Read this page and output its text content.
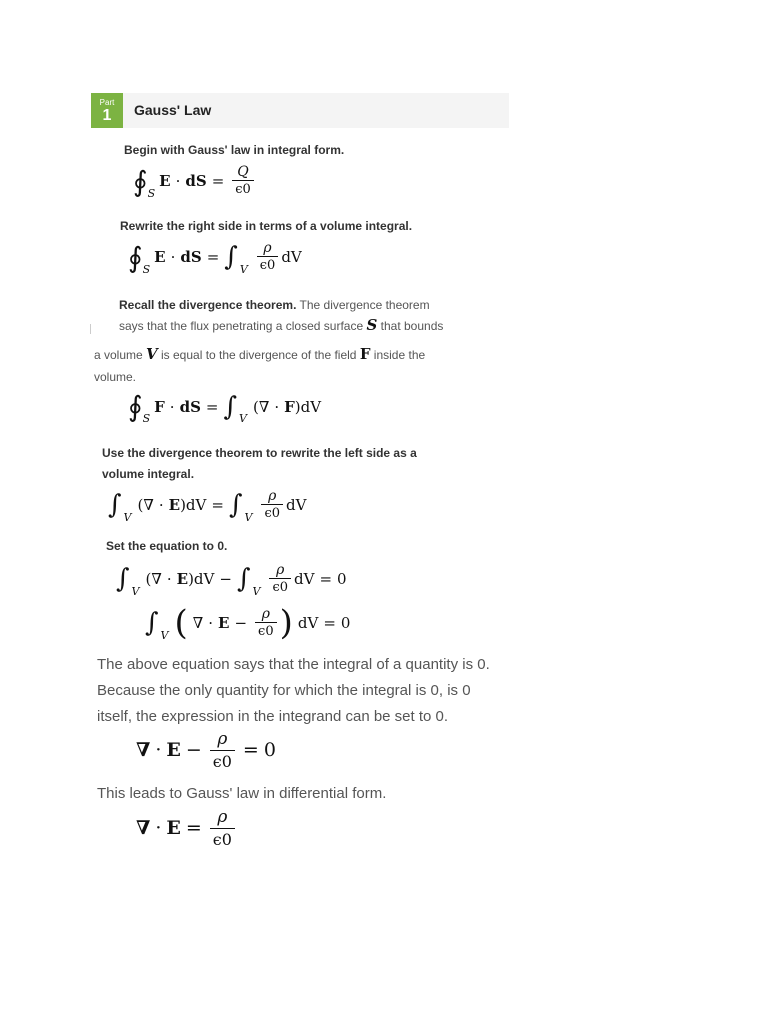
Part
1	Gauss' Law
Begin with Gauss' law in integral form.
∮ S
E · dS = $\frac{Q}{\epsilon 0}$
Rewrite the right side in terms of a volume integral.
∮ S
E · dS = ∫ V $\frac{\rho}{\epsilon 0}$ dV
Recall the divergence theorem. The divergence theorem
says that the flux penetrating a closed surface S that bounds
a volume V is equal to the divergence of the field F inside the
volume.
∮ S
F · dS = ∫ V
( ∇ · F ) dV
Use the divergence theorem to rewrite the left side as a
volume integral.
∫ V
( ∇ · E ) dV = ∫ V $\frac{\rho}{\epsilon 0}$ dV
Set the equation to 0.
∫ V
( ∇ · E ) dV − ∫ V $\frac{\rho}{\epsilon 0}$ dV = 0
∫ V ( ∇ · $E - \frac{\rho}{\epsilon 0}$ ) dV = 0
The above equation says that the integral of a quantity is 0.
Because the only quantity for which the integral is 0, is 0
itself, the expression in the integrand can be set to 0.
∇ · $E - \frac{\rho}{\epsilon 0} = 0$
This leads to Gauss' law in differential form.
∇ · $E = \frac{\rho}{\epsilon 0}$
